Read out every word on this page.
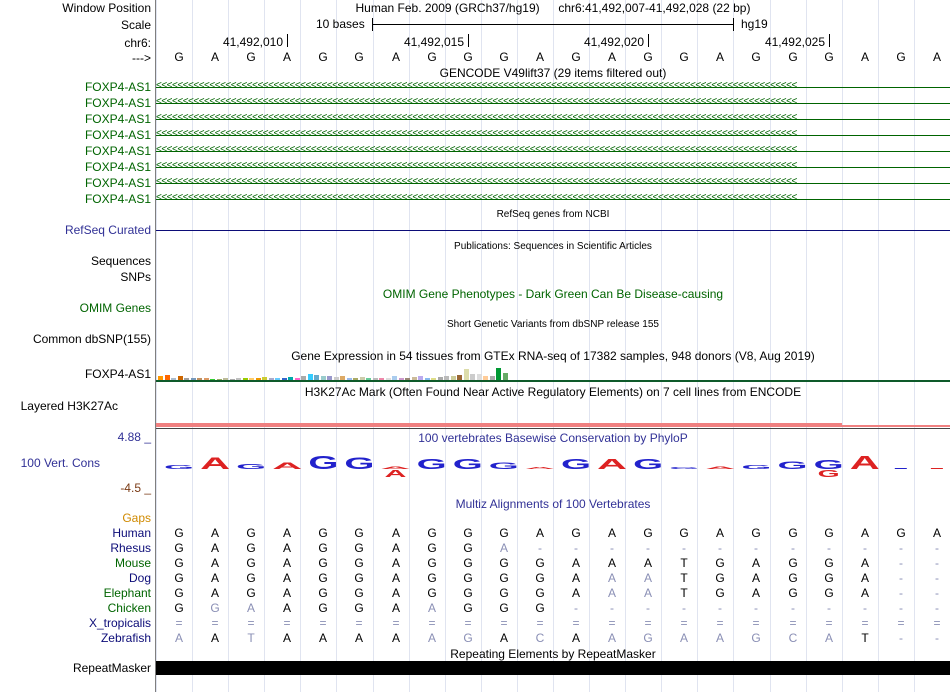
Window Position
Scale
chr6:
--->
FOXP4-AS1
FOXP4-AS1
FOXP4-AS1
FOXP4-AS1
FOXP4-AS1
FOXP4-AS1
FOXP4-AS1
FOXP4-AS1
RefSeq Curated
Sequences
SNPs
OMIM Genes
Common dbSNP(155)
FOXP4-AS1
Layered H3K27Ac
4.88 _
100 Vert. Cons
-4.5 _
Gaps
Human
Rhesus
Mouse
Dog
Elephant
Chicken
X_tropicalis
Zebrafish
RepeatMasker
Human Feb. 2009 (GRCh37/hg19) chr6:41,492,007-41,492,028 (22 bp)
10 bases	hg19
41,492,010	41,492,015	41,492,020	41,492,025
G A G A G G A G G G A G A G G A G G G A G A
GENCODE V49lift37 (29 items filtered out)
<<<<<<<<<<<<<<<<<<<<<<<<<<<<<<<<<<<<<<<<<<<<<<<<<<<<<<<<<<<<<<<<<<<<<<<<<<<<<<<<<<<<<<<<<<<<<<<<<<<<<<<<<<<<<<<<<<<<<<<<
<<<<<<<<<<<<<<<<<<<<<<<<<<<<<<<<<<<<<<<<<<<<<<<<<<<<<<<<<<<<<<<<<<<<<<<<<<<<<<<<<<<<<<<<<<<<<<<<<<<<<<<<<<<<<<<<<<<<<<<<
<<<<<<<<<<<<<<<<<<<<<<<<<<<<<<<<<<<<<<<<<<<<<<<<<<<<<<<<<<<<<<<<<<<<<<<<<<<<<<<<<<<<<<<<<<<<<<<<<<<<<<<<<<<<<<<<<<<<<<<<
<<<<<<<<<<<<<<<<<<<<<<<<<<<<<<<<<<<<<<<<<<<<<<<<<<<<<<<<<<<<<<<<<<<<<<<<<<<<<<<<<<<<<<<<<<<<<<<<<<<<<<<<<<<<<<<<<<<<<<<<
<<<<<<<<<<<<<<<<<<<<<<<<<<<<<<<<<<<<<<<<<<<<<<<<<<<<<<<<<<<<<<<<<<<<<<<<<<<<<<<<<<<<<<<<<<<<<<<<<<<<<<<<<<<<<<<<<<<<<<<<
<<<<<<<<<<<<<<<<<<<<<<<<<<<<<<<<<<<<<<<<<<<<<<<<<<<<<<<<<<<<<<<<<<<<<<<<<<<<<<<<<<<<<<<<<<<<<<<<<<<<<<<<<<<<<<<<<<<<<<<<
<<<<<<<<<<<<<<<<<<<<<<<<<<<<<<<<<<<<<<<<<<<<<<<<<<<<<<<<<<<<<<<<<<<<<<<<<<<<<<<<<<<<<<<<<<<<<<<<<<<<<<<<<<<<<<<<<<<<<<<<
<<<<<<<<<<<<<<<<<<<<<<<<<<<<<<<<<<<<<<<<<<<<<<<<<<<<<<<<<<<<<<<<<<<<<<<<<<<<<<<<<<<<<<<<<<<<<<<<<<<<<<<<<<<<<<<<<<<<<<<<
RefSeq genes from NCBI
Publications: Sequences in Scientific Articles
OMIM Gene Phenotypes - Dark Green Can Be Disease-causing
Short Genetic Variants from dbSNP release 155
Gene Expression in 54 tissues from GTEx RNA-seq of 17382 samples, 948 donors (V8, Aug 2019)
H3K27Ac Mark (Often Found Near Active Regulatory Elements) on 7 cell lines from ENCODE
100 vertebrates Basewise Conservation by PhyloP
G A G A G G A
A
G G G A G A G G A G G G
G
A
Multiz Alignments of 100 Vertebrates
G A G A G G A G G G A G A G G A G G G A G A
G A G A G G A G G A	-	-	-	-	-	-	-	-	-	-	-	-
G A G A G G A G G G G A A A T G A G G A	-	-
G A G A G G A G G G G A A A T G A G G A	-	-
G A G A G G A G G G G A A A T G A G G A	-	-
G G A A G G A A G G G	-	-	-	-	-	-	-	-	-	-	-
= = = = = = = = = = = = = = = = = = = = = =
A A T A A A A A G A C A A G A A G C A T	-	-
Repeating Elements by RepeatMasker
